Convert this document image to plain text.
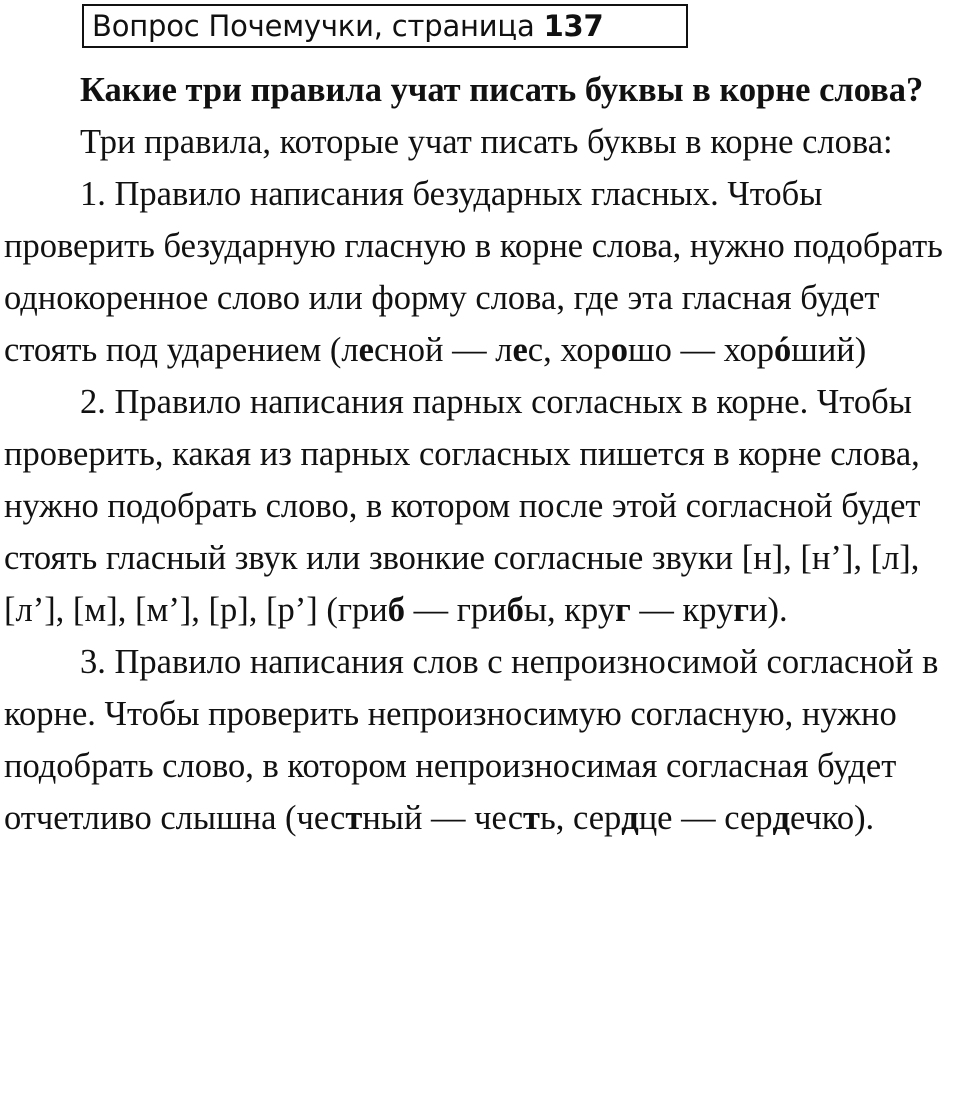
Вопрос Почемучки, страница 137

Какие три правила учат писать буквы в корне слова?

Три правила, которые учат писать буквы в корне слова:

1. Правило написания безударных гласных. Чтобы проверить безударную гласную в корне слова, нужно подобрать однокоренное слово или форму слова, где эта гласная будет стоять под ударением (лесной — лес, хорошо — хорóший)

2. Правило написания парных согласных в корне. Чтобы проверить, какая из парных согласных пишется в корне слова, нужно подобрать слово, в котором после этой согласной будет стоять гласный звук или звонкие согласные звуки [н], [н’], [л], [л’], [м], [м’], [р], [р’] (гриб — грибы, круг — круги).

3. Правило написания слов с непроизносимой согласной в корне. Чтобы проверить непроизносимую согласную, нужно подобрать слово, в котором непроизносимая согласная будет отчетливо слышна (честный — честь, сердце — сердечко).
